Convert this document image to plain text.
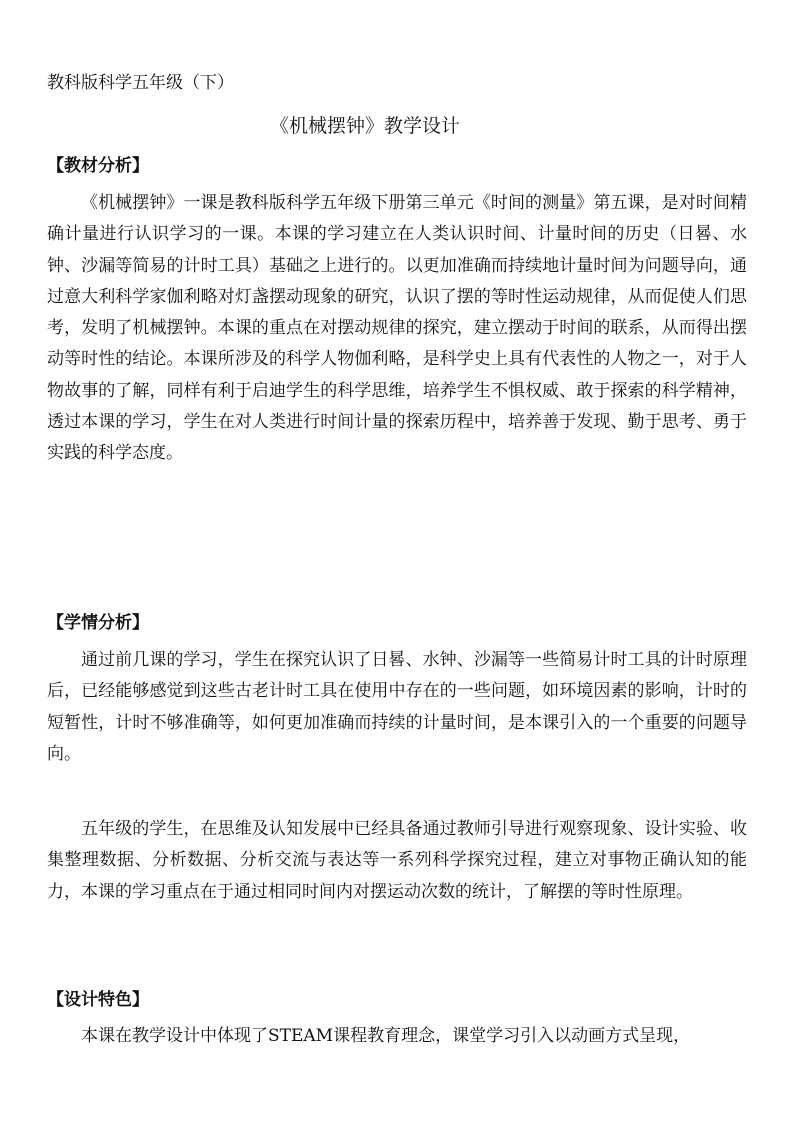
教科版科学五年级（下）
《机械摆钟》教学设计
【教材分析】

《机械摆钟》一课是教科版科学五年级下册第三单元《时间的测量》第五课，是对时间精确计量进行认识学习的一课。本课的学习建立在人类认识时间、计量时间的历史（日晷、水钟、沙漏等简易的计时工具）基础之上进行的。以更加准确而持续地计量时间为问题导向，通过意大利科学家伽利略对灯盏摆动现象的研究，认识了摆的等时性运动规律，从而促使人们思考，发明了机械摆钟。本课的重点在对摆动规律的探究，建立摆动于时间的联系，从而得出摆动等时性的结论。本课所涉及的科学人物伽利略，是科学史上具有代表性的人物之一，对于人物故事的了解，同样有利于启迪学生的科学思维，培养学生不惧权威、敢于探索的科学精神，透过本课的学习，学生在对人类进行时间计量的探索历程中，培养善于发现、勤于思考、勇于实践的科学态度。

【学情分析】

通过前几课的学习，学生在探究认识了日晷、水钟、沙漏等一些简易计时工具的计时原理后，已经能够感觉到这些古老计时工具在使用中存在的一些问题，如环境因素的影响，计时的短暂性，计时不够准确等，如何更加准确而持续的计量时间，是本课引入的一个重要的问题导向。

五年级的学生，在思维及认知发展中已经具备通过教师引导进行观察现象、设计实验、收集整理数据、分析数据、分析交流与表达等一系列科学探究过程，建立对事物正确认知的能力，本课的学习重点在于通过相同时间内对摆运动次数的统计，了解摆的等时性原理。

【设计特色】

本课在教学设计中体现了STEAM课程教育理念，课堂学习引入以动画方式呈现，
